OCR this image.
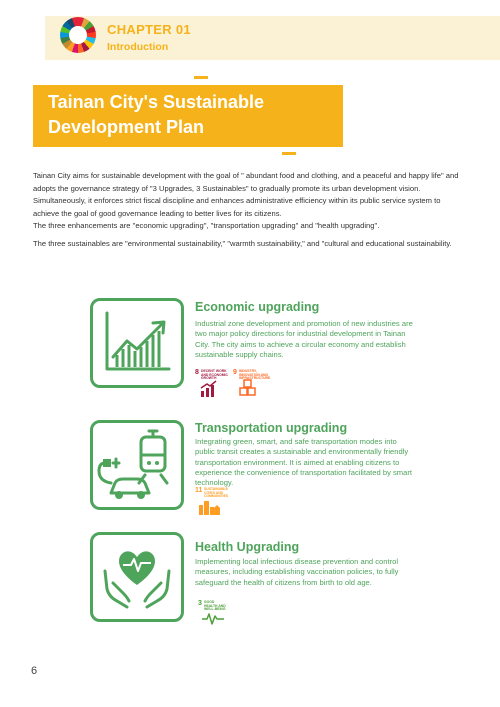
CHAPTER 01
Introduction
Tainan City's Sustainable
Development Plan
Tainan City aims for sustainable development with the goal of " abundant food and clothing, and a peaceful and happy life" and adopts the governance strategy of "3 Upgrades, 3 Sustainables" to gradually promote its urban development vision. Simultaneously, it enforces strict fiscal discipline and enhances administrative efficiency within its public service system to achieve the goal of good governance leading to better lives for its citizens.
The three enhancements are "economic upgrading", "transportation upgrading" and "health upgrading".
The three sustainables are "environmental sustainability," "warmth sustainability," and "cultural and educational sustainability.
Economic upgrading
Industrial zone development and promotion of new industries are two major policy directions for industrial development in Tainan City. The city aims to achieve a circular economy and establish sustainable supply chains.
8 DECENT WORK AND ECONOMIC GROWTH
9 INDUSTRY, INNOVATION AND INFRASTRUCTURE
Transportation upgrading
Integrating green, smart, and safe transportation modes into public transit creates a sustainable and environmentally friendly transportation environment. It is aimed at enabling citizens to experience the convenience of transportation facilitated by smart technology.
11 SUSTAINABLE CITIES AND COMMUNITIES
Health Upgrading
Implementing local infectious disease prevention and control measures, including establishing vaccination policies, to fully safeguard the health of citizens from birth to old age.
3 GOOD HEALTH AND WELL-BEING
6
